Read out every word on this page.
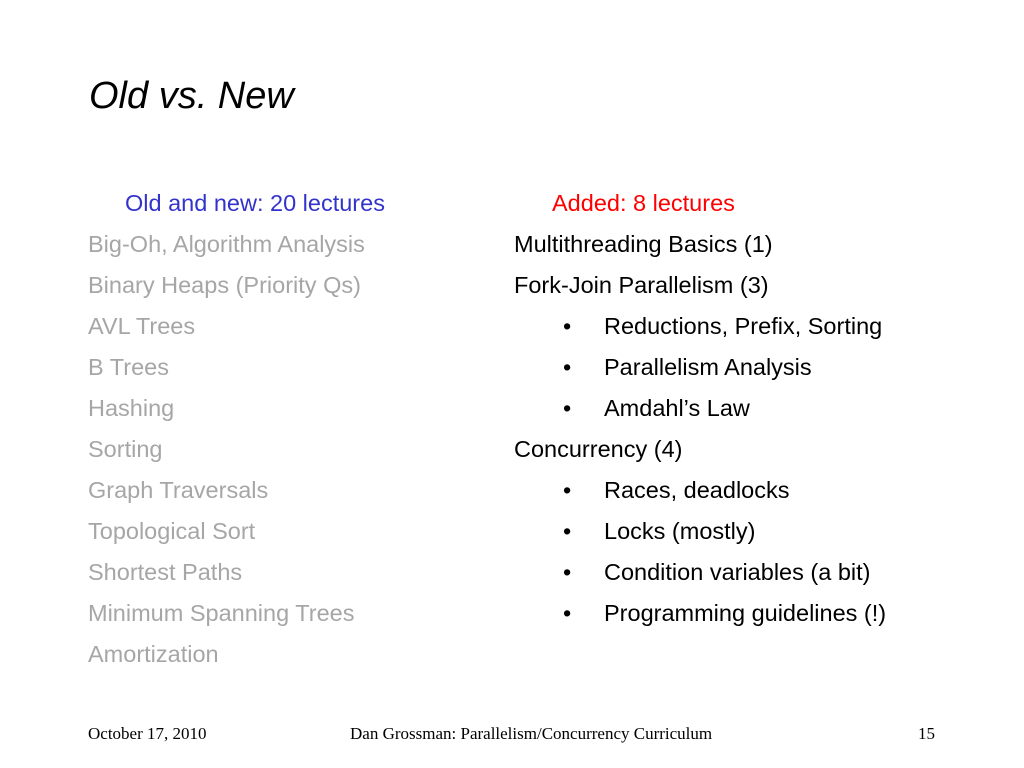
Old vs. New
Old and new: 20 lectures
Big-Oh, Algorithm Analysis
Binary Heaps (Priority Qs)
AVL Trees
B Trees
Hashing
Sorting
Graph Traversals
Topological Sort
Shortest Paths
Minimum Spanning Trees
Amortization
Added: 8 lectures
Multithreading Basics (1)
Fork-Join Parallelism (3)
• Reductions, Prefix, Sorting
• Parallelism Analysis
• Amdahl’s Law
Concurrency (4)
• Races, deadlocks
• Locks (mostly)
• Condition variables (a bit)
• Programming guidelines (!)
October 17, 2010	Dan Grossman: Parallelism/Concurrency Curriculum	15
